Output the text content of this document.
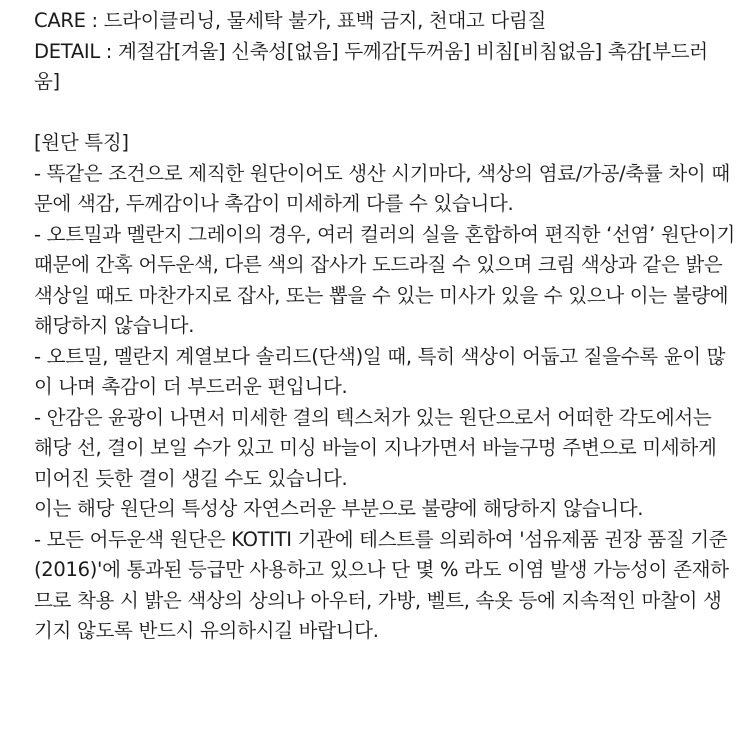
CARE : 드라이클리닝, 물세탁 불가, 표백 금지, 천대고 다림질
DETAIL : 계절감[겨울] 신축성[없음] 두께감[두꺼움] 비침[비침없음] 촉감[부드러
움]
[원단 특징]
- 똑같은 조건으로 제직한 원단이어도 생산 시기마다, 색상의 염료/가공/축률 차이 때
문에 색감, 두께감이나 촉감이 미세하게 다를 수 있습니다.
- 오트밀과 멜란지 그레이의 경우, 여러 컬러의 실을 혼합하여 편직한 ‘선염’ 원단이기
때문에 간혹 어두운색, 다른 색의 잡사가 도드라질 수 있으며 크림 색상과 같은 밝은
색상일 때도 마찬가지로 잡사, 또는 뽑을 수 있는 미사가 있을 수 있으나 이는 불량에
해당하지 않습니다.
- 오트밀, 멜란지 계열보다 솔리드(단색)일 때, 특히 색상이 어둡고 짙을수록 윤이 많
이 나며 촉감이 더 부드러운 편입니다.
- 안감은 윤광이 나면서 미세한 결의 텍스처가 있는 원단으로서 어떠한 각도에서는
해당 선, 결이 보일 수가 있고 미싱 바늘이 지나가면서 바늘구멍 주변으로 미세하게
미어진 듯한 결이 생길 수도 있습니다.
이는 해당 원단의 특성상 자연스러운 부분으로 불량에 해당하지 않습니다.
- 모든 어두운색 원단은 KOTITI 기관에 테스트를 의뢰하여 '섬유제품 권장 품질 기준
(2016)'에 통과된 등급만 사용하고 있으나 단 몇 % 라도 이염 발생 가능성이 존재하
므로 착용 시 밝은 색상의 상의나 아우터, 가방, 벨트, 속옷 등에 지속적인 마찰이 생
기지 않도록 반드시 유의하시길 바랍니다.
